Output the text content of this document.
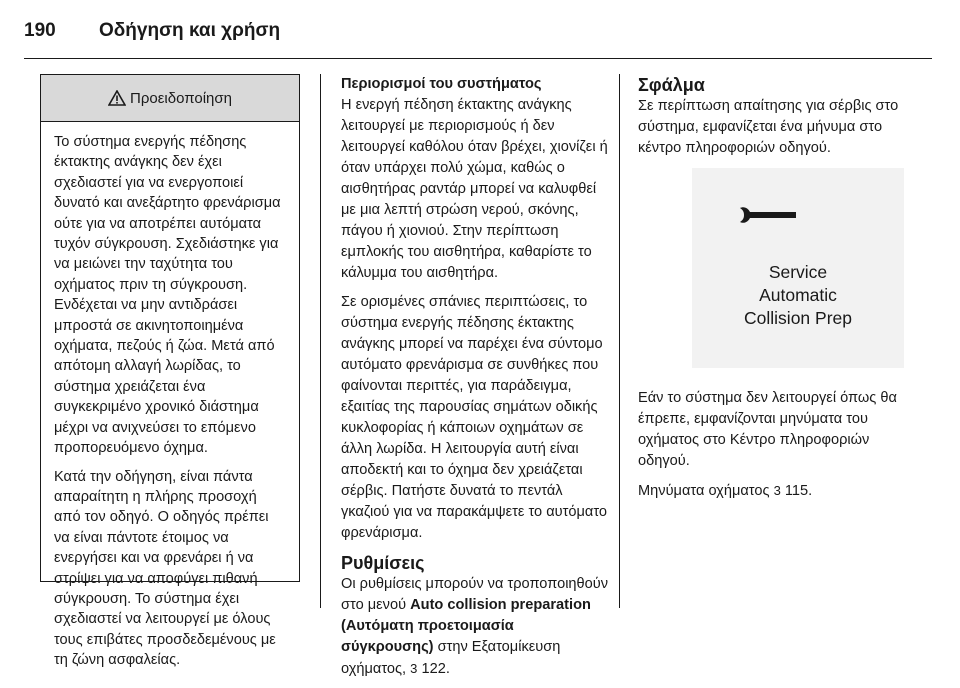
190 Οδήγηση και χρήση
Προειδοποίηση

Το σύστημα ενεργής πέδησης έκτακτης ανάγκης δεν έχει σχεδιαστεί για να ενεργοποιεί δυνατό και ανεξάρτητο φρενάρισμα ούτε για να αποτρέπει αυτόματα τυχόν σύγκρουση. Σχεδιάστηκε για να μειώνει την ταχύτητα του οχήματος πριν τη σύγκρουση. Ενδέχεται να μην αντιδράσει μπροστά σε ακινητοποιημένα οχήματα, πεζούς ή ζώα. Μετά από απότομη αλλαγή λωρίδας, το σύστημα χρειάζεται ένα συγκεκριμένο χρονικό διάστημα μέχρι να ανιχνεύσει το επόμενο προπορευόμενο όχημα.

Κατά την οδήγηση, είναι πάντα απαραίτητη η πλήρης προσοχή από τον οδηγό. Ο οδηγός πρέπει να είναι πάντοτε έτοιμος να ενεργήσει και να φρενάρει ή να στρίψει για να αποφύγει πιθανή σύγκρουση. Το σύστημα έχει σχεδιαστεί να λειτουργεί με όλους τους επιβάτες προσδεδεμένους με τη ζώνη ασφαλείας.

Περιορισμοί του συστήματος

Η ενεργή πέδηση έκτακτης ανάγκης λειτουργεί με περιορισμούς ή δεν λειτουργεί καθόλου όταν βρέχει, χιονίζει ή όταν υπάρχει πολύ χώμα, καθώς ο αισθητήρας ραντάρ μπορεί να καλυφθεί με μια λεπτή στρώση νερού, σκόνης, πάγου ή χιονιού. Στην περίπτωση εμπλοκής του αισθητήρα, καθαρίστε το κάλυμμα του αισθητήρα.

Σε ορισμένες σπάνιες περιπτώσεις, το σύστημα ενεργής πέδησης έκτακτης ανάγκης μπορεί να παρέχει ένα σύντομο αυτόματο φρενάρισμα σε συνθήκες που φαίνονται περιττές, για παράδειγμα, εξαιτίας της παρουσίας σημάτων οδικής κυκλοφορίας ή κάποιων οχημάτων σε άλλη λωρίδα. Η λειτουργία αυτή είναι αποδεκτή και το όχημα δεν χρειάζεται σέρβις. Πατήστε δυνατά το πεντάλ γκαζιού για να παρακάμψετε το αυτόματο φρενάρισμα.

Ρυθμίσεις

Οι ρυθμίσεις μπορούν να τροποποιηθούν στο μενού Auto collision preparation (Αυτόματη προετοιμασία σύγκρουσης) στην Εξατομίκευση οχήματος, 3 122.

Σφάλμα

Σε περίπτωση απαίτησης για σέρβις στο σύστημα, εμφανίζεται ένα μήνυμα στο κέντρο πληροφοριών οδηγού.

Service
Automatic
Collision Prep

Εάν το σύστημα δεν λειτουργεί όπως θα έπρεπε, εμφανίζονται μηνύματα του οχήματος στο Κέντρο πληροφοριών οδηγού.

Μηνύματα οχήματος 3 115.
